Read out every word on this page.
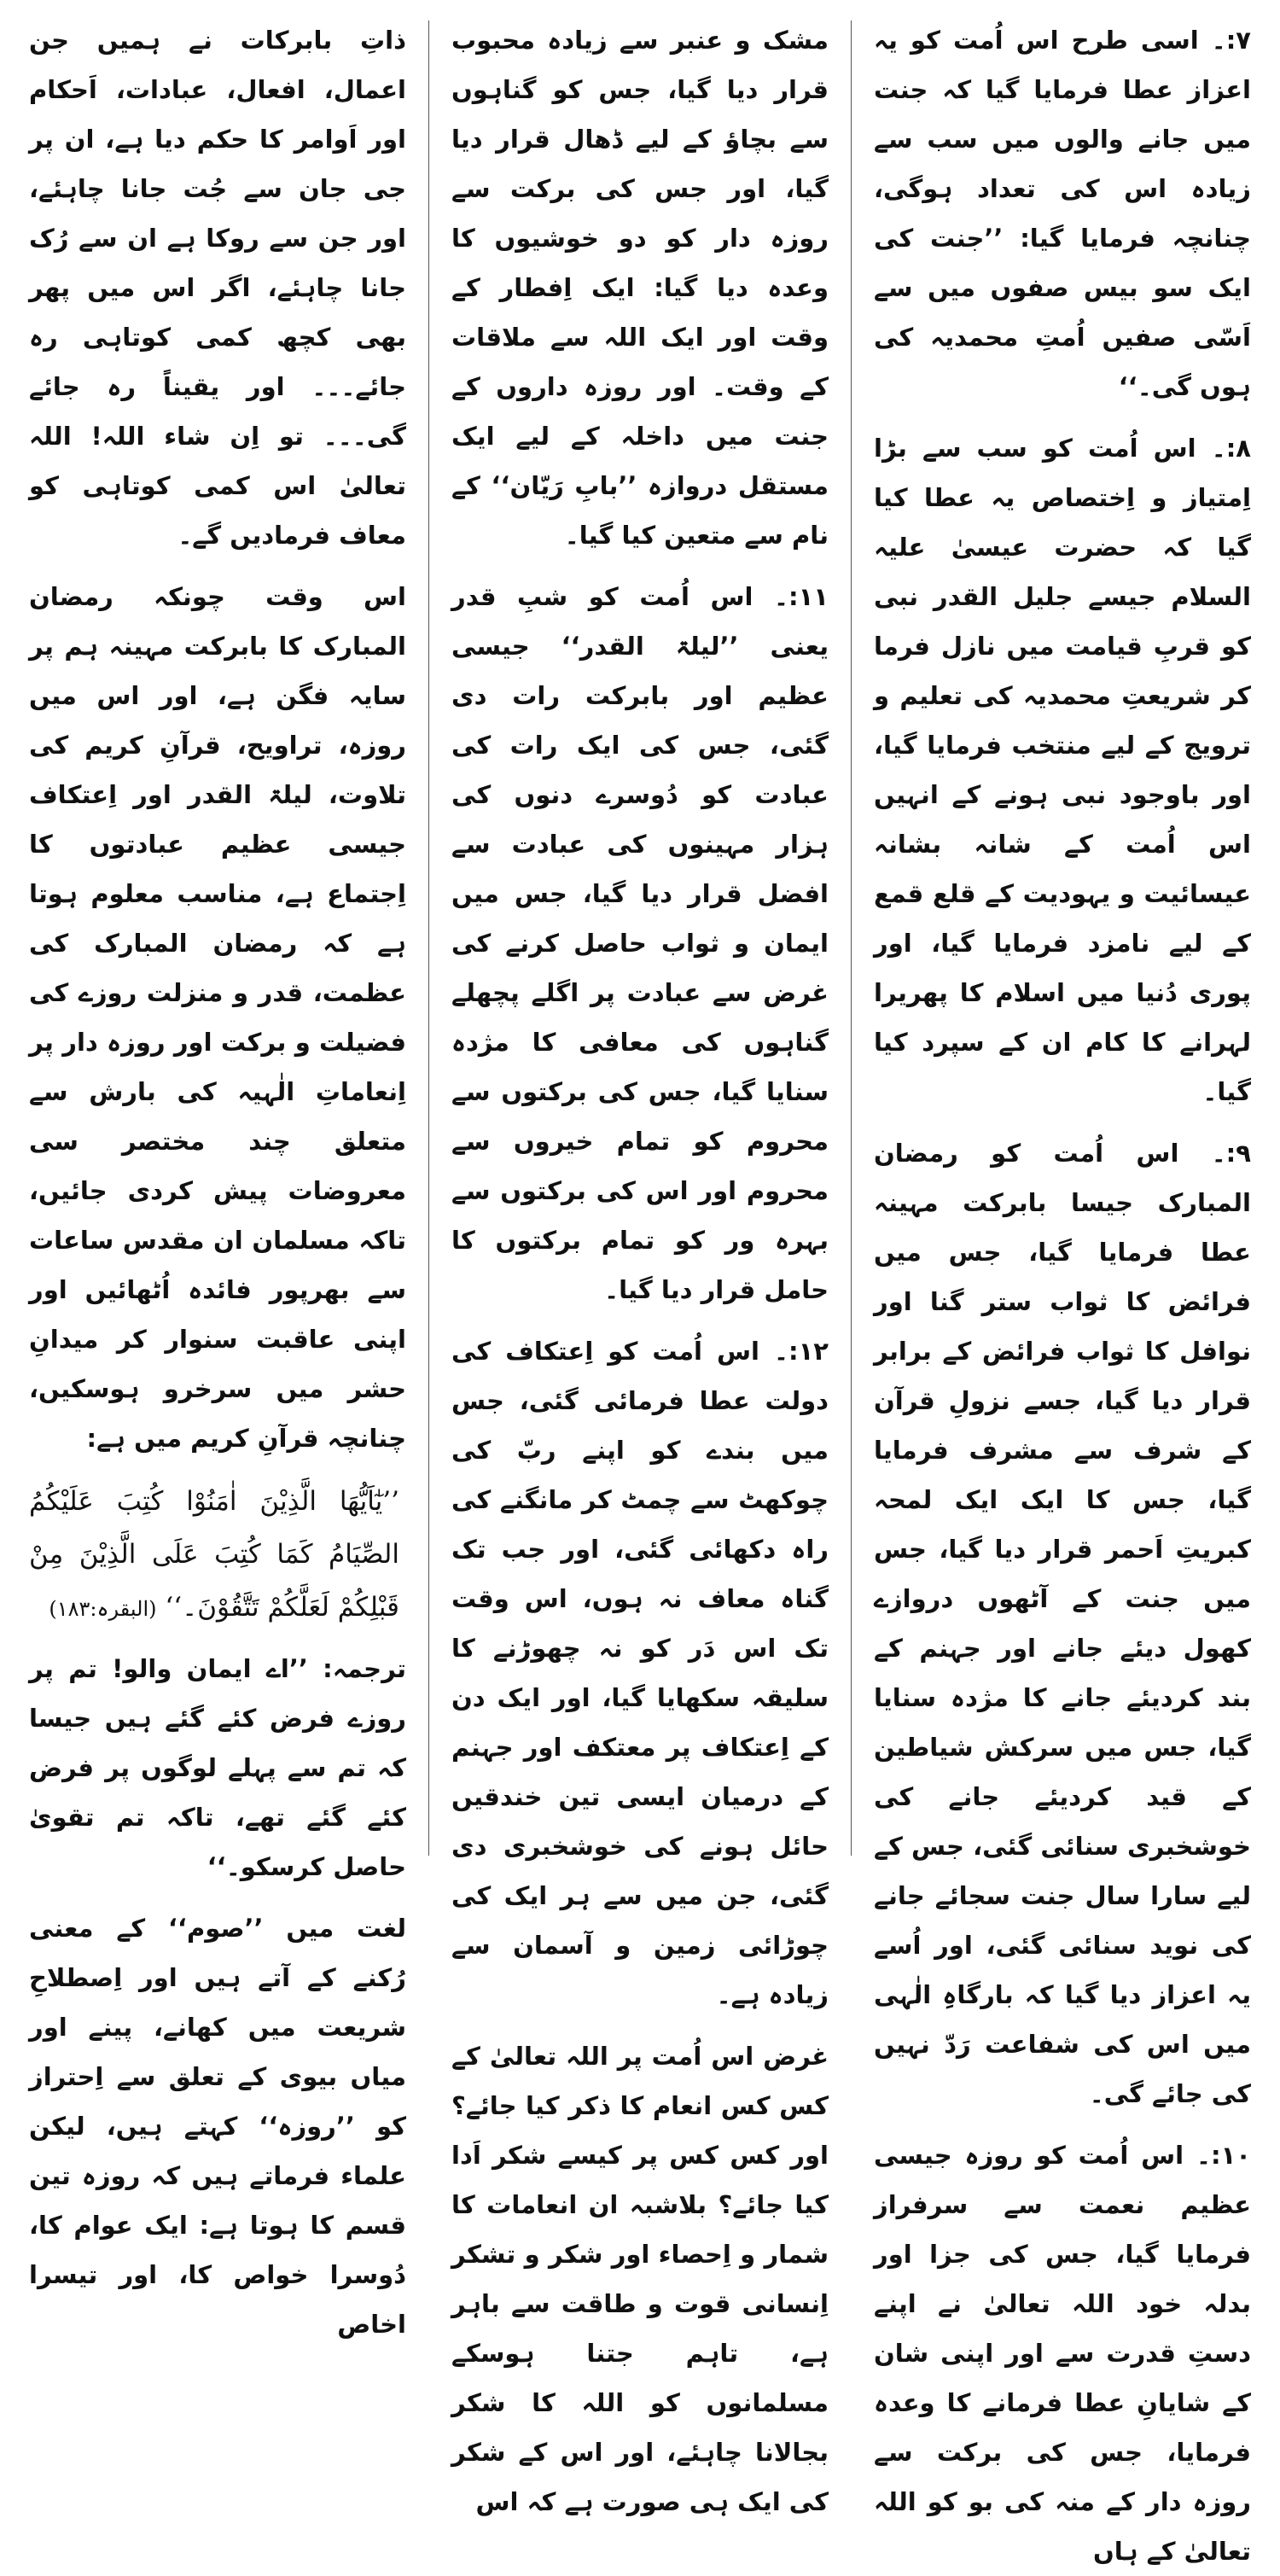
۷:۔ اسی طرح اس اُمت کو یہ اعزاز عطا فرمایا گیا کہ جنت میں جانے والوں میں سب سے زیادہ اس کی تعداد ہوگی، چنانچہ فرمایا گیا: ’’جنت کی ایک سو بیس صفوں میں سے اَسّی صفیں اُمتِ محمدیہ کی ہوں گی۔‘‘

۸:۔ اس اُمت کو سب سے بڑا اِمتیاز و اِختصاص یہ عطا کیا گیا کہ حضرت عیسیٰ علیہ السلام جیسے جلیل القدر نبی کو قربِ قیامت میں نازل فرما کر شریعتِ محمدیہ کی تعلیم و ترویج کے لیے منتخب فرمایا گیا، اور باوجود نبی ہونے کے انہیں اس اُمت کے شانہ بشانہ عیسائیت و یہودیت کے قلع قمع کے لیے نامزد فرمایا گیا، اور پوری دُنیا میں اسلام کا پھریرا لہرانے کا کام ان کے سپرد کیا گیا۔

۹:۔ اس اُمت کو رمضان المبارک جیسا بابرکت مہینہ عطا فرمایا گیا، جس میں فرائض کا ثواب ستر گنا اور نوافل کا ثواب فرائض کے برابر قرار دیا گیا، جسے نزولِ قرآن کے شرف سے مشرف فرمایا گیا، جس کا ایک ایک لمحہ کبریتِ اَحمر قرار دیا گیا، جس میں جنت کے آٹھوں دروازے کھول دیئے جانے اور جہنم کے بند کردیئے جانے کا مژدہ سنایا گیا، جس میں سرکش شیاطین کے قید کردیئے جانے کی خوشخبری سنائی گئی، جس کے لیے سارا سال جنت سجائے جانے کی نوید سنائی گئی، اور اُسے یہ اعزاز دیا گیا کہ بارگاہِ الٰہی میں اس کی شفاعت رَدّ نہیں کی جائے گی۔

۱۰:۔ اس اُمت کو روزہ جیسی عظیم نعمت سے سرفراز فرمایا گیا، جس کی جزا اور بدلہ خود اللہ تعالیٰ نے اپنے دستِ قدرت سے اور اپنی شان کے شایانِ عطا فرمانے کا وعدہ فرمایا، جس کی برکت سے روزہ دار کے منہ کی بو کو اللہ تعالیٰ کے ہاں

مشک و عنبر سے زیادہ محبوب قرار دیا گیا، جس کو گناہوں سے بچاؤ کے لیے ڈھال قرار دیا گیا، اور جس کی برکت سے روزہ دار کو دو خوشیوں کا وعدہ دیا گیا: ایک اِفطار کے وقت اور ایک اللہ سے ملاقات کے وقت۔ اور روزہ داروں کے جنت میں داخلہ کے لیے ایک مستقل دروازہ ’’بابِ رَیّان‘‘ کے نام سے متعین کیا گیا۔

۱۱:۔ اس اُمت کو شبِ قدر یعنی ’’لیلۃ القدر‘‘ جیسی عظیم اور بابرکت رات دی گئی، جس کی ایک رات کی عبادت کو دُوسرے دنوں کی ہزار مہینوں کی عبادت سے افضل قرار دیا گیا، جس میں ایمان و ثواب حاصل کرنے کی غرض سے عبادت پر اگلے پچھلے گناہوں کی معافی کا مژدہ سنایا گیا، جس کی برکتوں سے محروم کو تمام خیروں سے محروم اور اس کی برکتوں سے بہرہ ور کو تمام برکتوں کا حامل قرار دیا گیا۔

۱۲:۔ اس اُمت کو اِعتکاف کی دولت عطا فرمائی گئی، جس میں بندے کو اپنے ربّ کی چوکھٹ سے چمٹ کر مانگنے کی راہ دکھائی گئی، اور جب تک گناہ معاف نہ ہوں، اس وقت تک اس دَر کو نہ چھوڑنے کا سلیقہ سکھایا گیا، اور ایک دن کے اِعتکاف پر معتکف اور جہنم کے درمیان ایسی تین خندقیں حائل ہونے کی خوشخبری دی گئی، جن میں سے ہر ایک کی چوڑائی زمین و آسمان سے زیادہ ہے۔

غرض اس اُمت پر اللہ تعالیٰ کے کس کس انعام کا ذکر کیا جائے؟ اور کس کس پر کیسے شکر اَدا کیا جائے؟ بلاشبہ ان انعامات کا شمار و اِحصاء اور شکر و تشکر اِنسانی قوت و طاقت سے باہر ہے، تاہم جتنا ہوسکے مسلمانوں کو اللہ کا شکر بجالانا چاہئے، اور اس کے شکر کی ایک ہی صورت ہے کہ اس

ذاتِ بابرکات نے ہمیں جن اعمال، افعال، عبادات، اَحکام اور اَوامر کا حکم دیا ہے، ان پر جی جان سے جُت جانا چاہئے، اور جن سے روکا ہے ان سے رُک جانا چاہئے، اگر اس میں پھر بھی کچھ کمی کوتاہی رہ جائے۔۔۔ اور یقیناً رہ جائے گی۔۔۔ تو اِن شاء اللہ! اللہ تعالیٰ اس کمی کوتاہی کو معاف فرمادیں گے۔

اس وقت چونکہ رمضان المبارک کا بابرکت مہینہ ہم پر سایہ فگن ہے، اور اس میں روزہ، تراویح، قرآنِ کریم کی تلاوت، لیلۃ القدر اور اِعتکاف جیسی عظیم عبادتوں کا اِجتماع ہے، مناسب معلوم ہوتا ہے کہ رمضان المبارک کی عظمت، قدر و منزلت روزے کی فضیلت و برکت اور روزہ دار پر اِنعاماتِ الٰہیہ کی بارش سے متعلق چند مختصر سی معروضات پیش کردی جائیں، تاکہ مسلمان ان مقدس ساعات سے بھرپور فائدہ اُٹھائیں اور اپنی عاقبت سنوار کر میدانِ حشر میں سرخرو ہوسکیں، چنانچہ قرآنِ کریم میں ہے:

’’یٰٓاَیُّهَا الَّذِیْنَ اٰمَنُوْا كُتِبَ عَلَیْكُمُ الصِّیَامُ كَمَا كُتِبَ عَلَی الَّذِیْنَ مِنْ قَبْلِكُمْ لَعَلَّكُمْ تَتَّقُوْنَ۔‘‘ (البقرہ:۱۸۳)

ترجمہ: ’’اے ایمان والو! تم پر روزے فرض کئے گئے ہیں جیسا کہ تم سے پہلے لوگوں پر فرض کئے گئے تھے، تاکہ تم تقویٰ حاصل کرسکو۔‘‘

لغت میں ’’صوم‘‘ کے معنی رُکنے کے آتے ہیں اور اِصطلاحِ شریعت میں کھانے، پینے اور میاں بیوی کے تعلق سے اِحتراز کو ’’روزہ‘‘ کہتے ہیں، لیکن علماء فرماتے ہیں کہ روزہ تین قسم کا ہوتا ہے: ایک عوام کا، دُوسرا خواص کا، اور تیسرا اخاص
